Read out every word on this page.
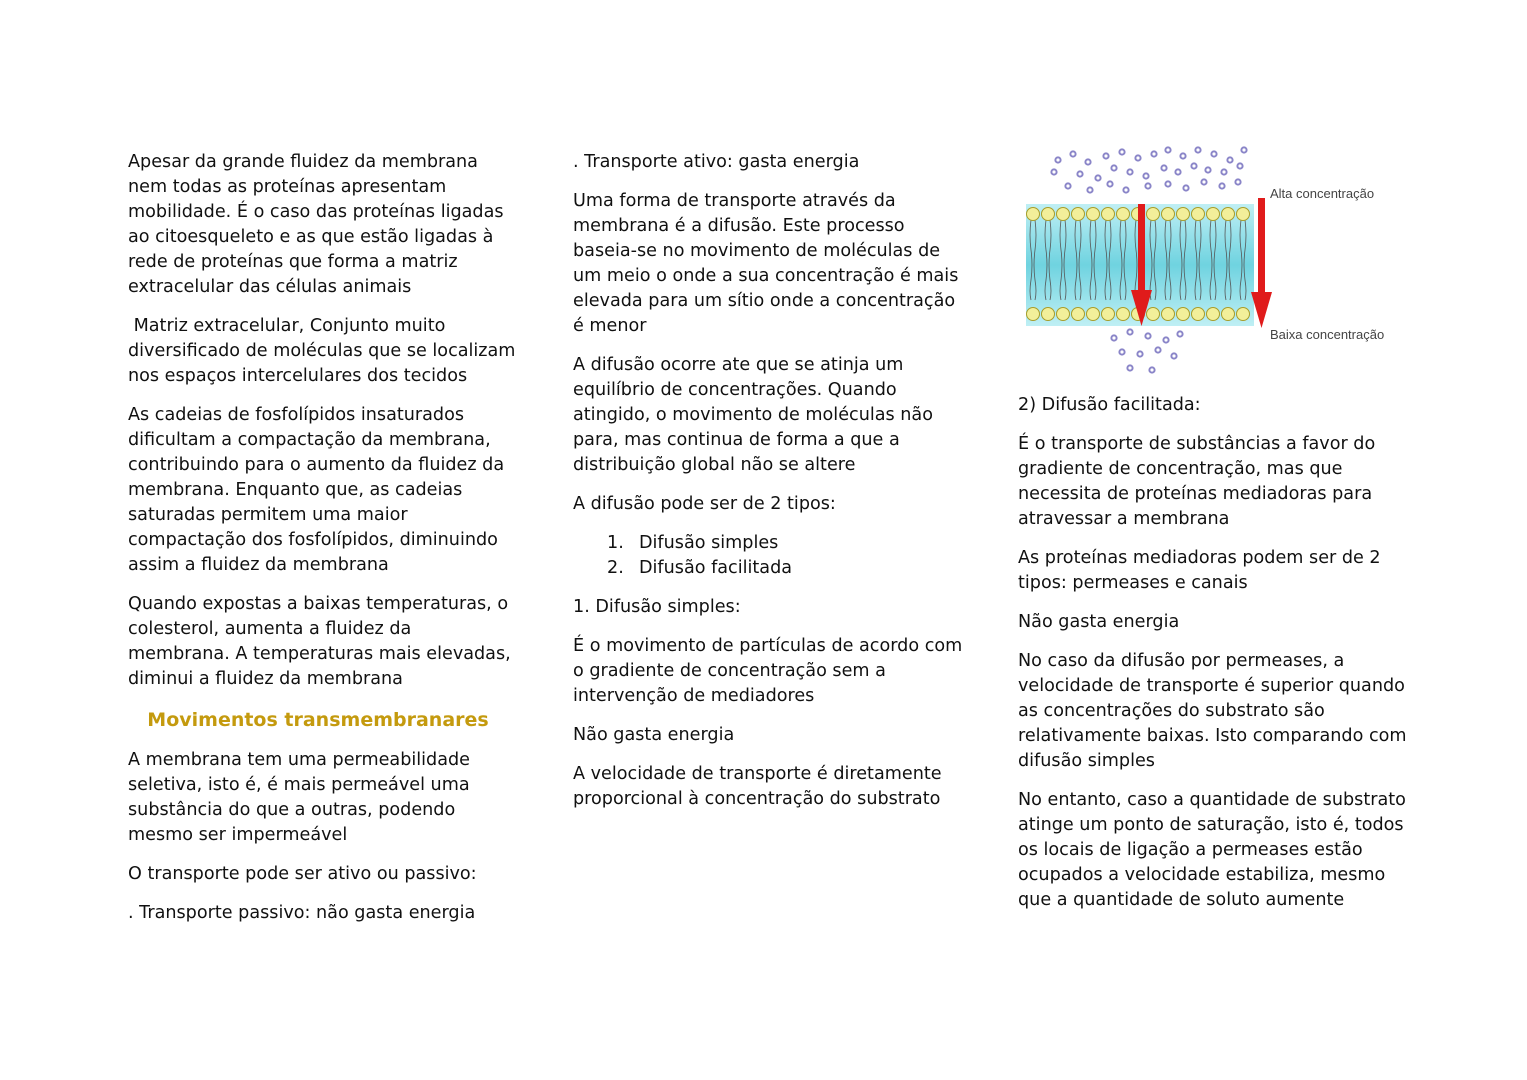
Apesar da grande fluidez da membrana nem todas as proteínas apresentam mobilidade. É o caso das proteínas ligadas ao citoesqueleto e as que estão ligadas à rede de proteínas que forma a matriz extracelular das células animais

Matriz extracelular, Conjunto muito diversificado de moléculas que se localizam nos espaços intercelulares dos tecidos

As cadeias de fosfolípidos insaturados dificultam a compactação da membrana, contribuindo para o aumento da fluidez da membrana. Enquanto que, as cadeias saturadas permitem uma maior compactação dos fosfolípidos, diminuindo assim a fluidez da membrana

Quando expostas a baixas temperaturas, o colesterol, aumenta a fluidez da membrana. A temperaturas mais elevadas, diminui a fluidez da membrana

Movimentos transmembranares

A membrana tem uma permeabilidade seletiva, isto é, é mais permeável uma substância do que a outras, podendo mesmo ser impermeável

O transporte pode ser ativo ou passivo:

. Transporte passivo: não gasta energia

. Transporte ativo: gasta energia

Uma forma de transporte através da membrana é a difusão. Este processo baseia-se no movimento de moléculas de um meio o onde a sua concentração é mais elevada para um sítio onde a concentração é menor

A difusão ocorre ate que se atinja um equilíbrio de concentrações. Quando atingido, o movimento de moléculas não para, mas continua de forma a que a distribuição global não se altere

A difusão pode ser de 2 tipos:

1. Difusão simples
2. Difusão facilitada

1. Difusão simples:

É o movimento de partículas de acordo com o gradiente de concentração sem a intervenção de mediadores

Não gasta energia

A velocidade de transporte é diretamente proporcional à concentração do substrato

Alta concentração
Baixa concentração

2) Difusão facilitada:

É o transporte de substâncias a favor do gradiente de concentração, mas que necessita de proteínas mediadoras para atravessar a membrana

As proteínas mediadoras podem ser de 2 tipos: permeases e canais

Não gasta energia

No caso da difusão por permeases, a velocidade de transporte é superior quando as concentrações do substrato são relativamente baixas. Isto comparando com difusão simples

No entanto, caso a quantidade de substrato atinge um ponto de saturação, isto é, todos os locais de ligação a permeases estão ocupados a velocidade estabiliza, mesmo que a quantidade de soluto aumente
